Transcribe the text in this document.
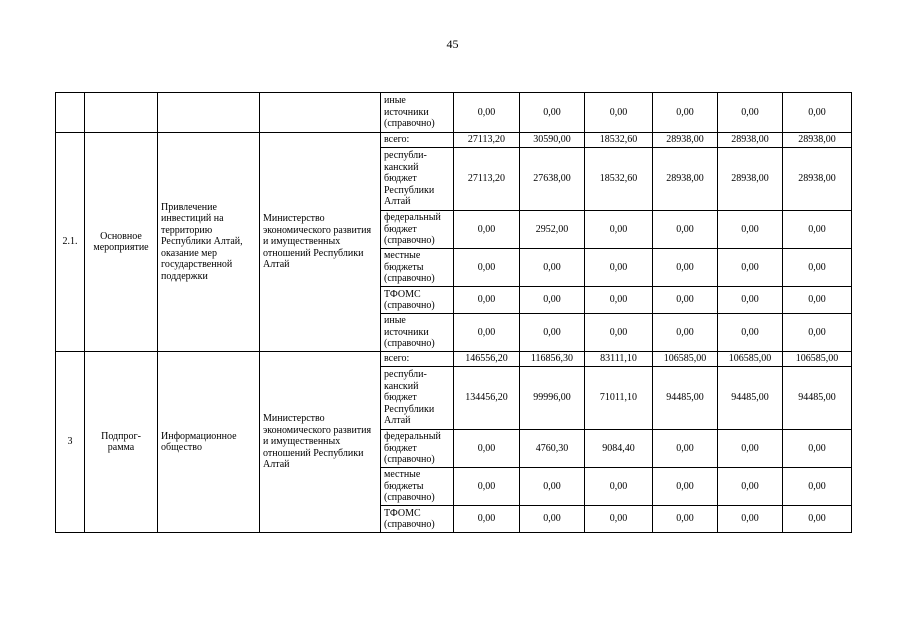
45
				иные источники (справочно)	0,00	0,00	0,00	0,00	0,00	0,00
2.1.	Основное мероприятие	Привлечение инвестиций на территорию Республики Алтай, оказание мер государственной поддержки	Министерство экономического развития и имущественных отношений Республики Алтай	всего:	27113,20	30590,00	18532,60	28938,00	28938,00	28938,00
				республи-канский бюджет Республики Алтай	27113,20	27638,00	18532,60	28938,00	28938,00	28938,00
				федеральный бюджет (справочно)	0,00	2952,00	0,00	0,00	0,00	0,00
				местные бюджеты (справочно)	0,00	0,00	0,00	0,00	0,00	0,00
				ТФОМС (справочно)	0,00	0,00	0,00	0,00	0,00	0,00
				иные источники (справочно)	0,00	0,00	0,00	0,00	0,00	0,00
3	Подпрог-рамма	Информационное общество	Министерство экономического развития и имущественных отношений Республики Алтай	всего:	146556,20	116856,30	83111,10	106585,00	106585,00	106585,00
				республи-канский бюджет Республики Алтай	134456,20	99996,00	71011,10	94485,00	94485,00	94485,00
				федеральный бюджет (справочно)	0,00	4760,30	9084,40	0,00	0,00	0,00
				местные бюджеты (справочно)	0,00	0,00	0,00	0,00	0,00	0,00
				ТФОМС (справочно)	0,00	0,00	0,00	0,00	0,00	0,00
